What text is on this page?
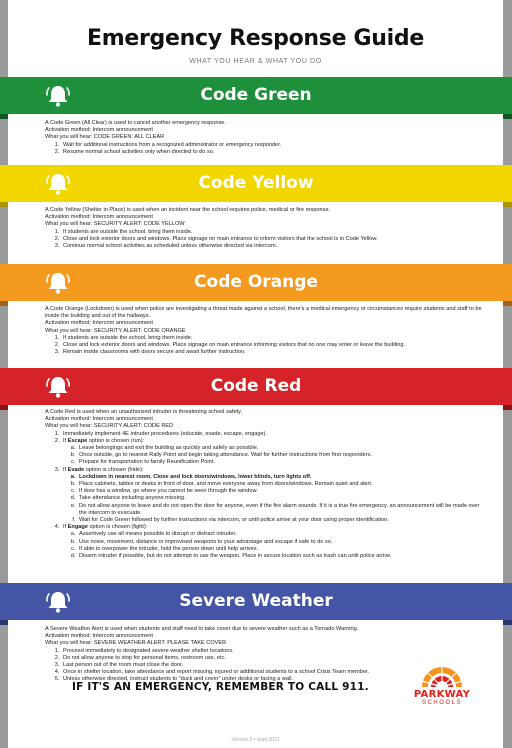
Emergency Response Guide
WHAT YOU HEAR & WHAT YOU DO
Code Green

A Code Green (All Clear) is used to cancel another emergency response.

Activation method: Intercom announcement

What you will hear: CODE GREEN: ALL CLEAR

1. Wait for additional instructions from a recognized administrator or emergency responder.
2. Resume normal school activities only when directed to do so.
Code Yellow

A Code Yellow (Shelter in Place) is used when an incident near the school requires police, medical or fire response.

Activation method: Intercom announcement

What you will hear: SECURITY ALERT: CODE YELLOW

1. If students are outside the school, bring them inside.
2. Close and lock exterior doors and windows. Place signage on main entrance to inform visitors that the school is in Code Yellow.
3. Continue normal school activities as scheduled unless otherwise directed via intercom.
Code Orange

A Code Orange (Lockdown) is used when police are investigating a threat made against a school, there's a medical emergency or circumstances require students and staff to be inside the building and out of the hallways.

Activation method: Intercom announcement

What you will hear: SECURITY ALERT: CODE ORANGE

1. If students are outside the school, bring them inside.
2. Close and lock exterior doors and windows. Place signage on main entrance informing visitors that no one may enter or leave the building.
3. Remain inside classrooms with doors secure and await further instruction.
Code Red

A Code Red is used when an unauthorized intruder is threatening school safety.

Activation method: Intercom announcement

What you will hear: SECURITY ALERT: CODE RED

1. Immediately implement 4E intruder procedures (educate, evade, escape, engage).
2. If Escape option is chosen (run):
a. Leave belongings and exit the building as quickly and safely as possible.
b. Once outside, go to nearest Rally Point and begin taking attendance. Wait for further instructions from first responders.
c. Prepare for transportation to family Reunification Point.
3. If Evade option is chosen (hide):
a. Lockdown in nearest room. Close and lock doors/windows, lower blinds, turn lights off.
b. Place cabinets, tables or desks in front of door, and move everyone away from doors/windows. Remain quiet and alert.
c. If door has a window, go where you cannot be seen through the window.
d. Take attendance including anyone missing.
e. Do not allow anyone to leave and do not open the door for anyone, even if the fire alarm sounds. If it is a true fire emergency, an announcement will be made over the intercom to evacuate.
f. Wait for Code Green followed by further instructions via intercom, or until police arrive at your door using proper identification.
4. If Engage option is chosen (fight):
a. Assertively use all means possible to disrupt or distract intruder.
b. Use noise, movement, distance or improvised weapons to your advantage and escape if safe to do so.
c. If able to overpower the intruder, hold the person down until help arrives.
d. Disarm intruder if possible, but do not attempt to use the weapon. Place in secure location such as trash can until police arrive.
Severe Weather

A Severe Weather Alert is used when students and staff need to take cover due to severe weather such as a Tornado Warning.

Activation method: Intercom announcement

What you will hear: SEVERE WEATHER ALERT: PLEASE TAKE COVER

1. Proceed immediately to designated severe weather shelter locations.
2. Do not allow anyone to stop for personal items, restroom use, etc.
3. Last person out of the room must close the door.
4. Once in shelter location, take attendance and report missing, injured or additional students to a school Crisis Team member.
5. Unless otherwise directed, instruct students to "duck and cover" under desks or facing a wall.
IF IT'S AN EMERGENCY, REMEMBER TO CALL 911.
PARKWAY
SCHOOLS
Version 2 • Sept 2021
